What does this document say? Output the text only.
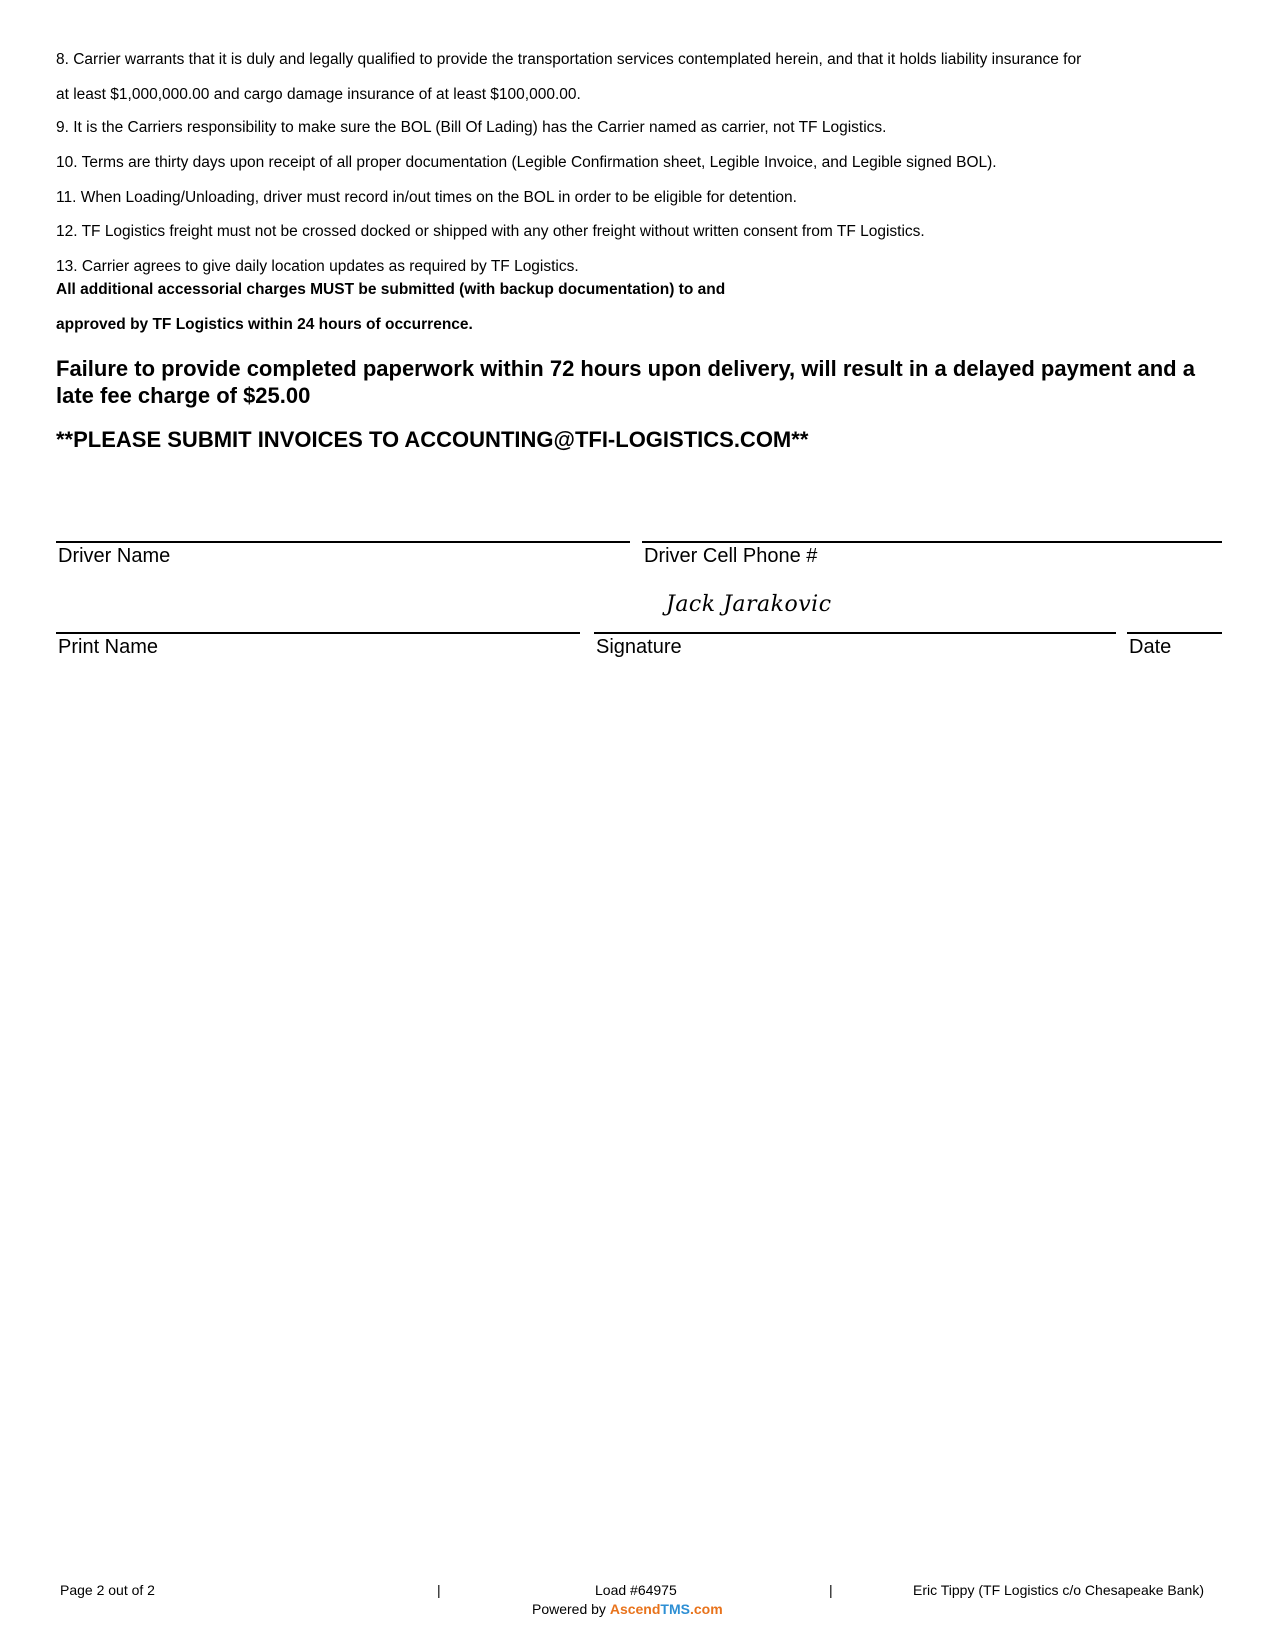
8. Carrier warrants that it is duly and legally qualified to provide the transportation services contemplated herein, and that it holds liability insurance for
at least $1,000,000.00 and cargo damage insurance of at least $100,000.00.
9. It is the Carriers responsibility to make sure the BOL (Bill Of Lading) has the Carrier named as carrier, not TF Logistics.
10. Terms are thirty days upon receipt of all proper documentation (Legible Confirmation sheet, Legible Invoice, and Legible signed BOL).
11. When Loading/Unloading, driver must record in/out times on the BOL in order to be eligible for detention.
12. TF Logistics freight must not be crossed docked or shipped with any other freight without written consent from TF Logistics.
13. Carrier agrees to give daily location updates as required by TF Logistics.
All additional accessorial charges MUST be submitted (with backup documentation) to and
approved by TF Logistics within 24 hours of occurrence.
Failure to provide completed paperwork within 72 hours upon delivery, will result in a delayed payment and a late fee charge of $25.00
**PLEASE SUBMIT INVOICES TO ACCOUNTING@TFI-LOGISTICS.COM**
Driver Name	Driver Cell Phone #
Jack Jarakovic
Print Name	Signature	Date
Page 2 out of 2	|	Load #64975	|	Eric Tippy (TF Logistics c/o Chesapeake Bank)
Powered by AscendTMS.com
